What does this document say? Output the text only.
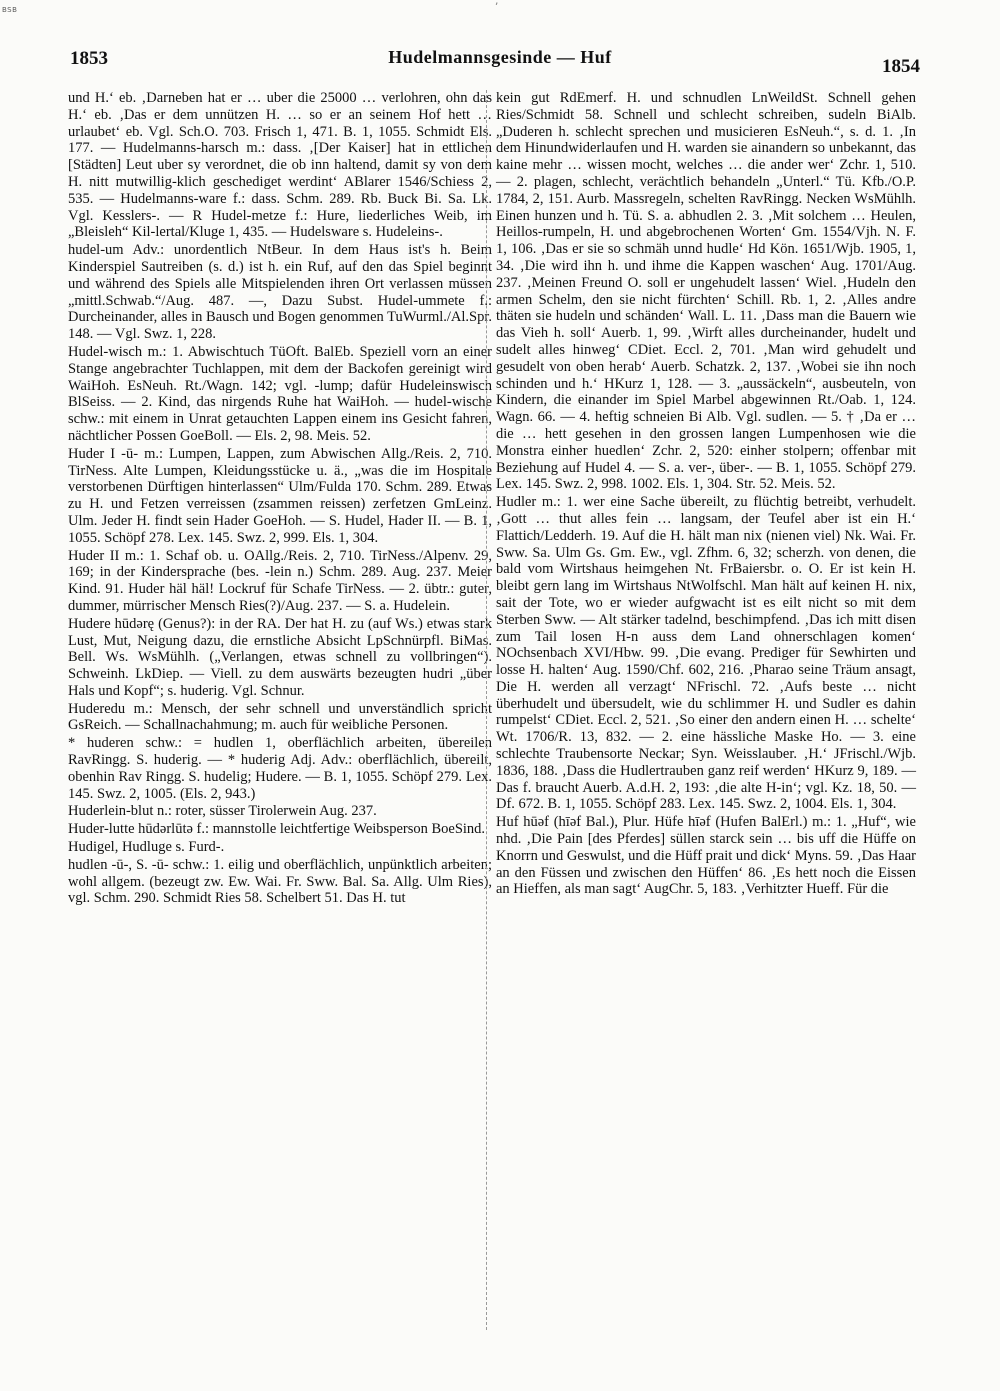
BSB	’
1853	Hudelmannsgesinde — Huf	1854

und H.‘ eb. ‚Darneben hat er … uber die 25000 … verlohren, ohn das H.‘ eb. ‚Das er dem unnützen H. … so er an seinem Hof hett … urlaubet‘ eb. Vgl. Sch.O. 703. Frisch 1, 471. B. 1, 1055. Schmidt Els. 177. — Hudelmanns-harsch m.: dass. ‚[Der Kaiser] hat in ettlichen [Städten] Leut uber sy verordnet, die ob inn haltend, damit sy von dem H. nitt mutwillig-klich geschediget werdint‘ ABlarer 1546/Schiess 2, 535. — Hudelmanns-ware f.: dass. Schm. 289. Rb. Buck Bi. Sa. Lk. Vgl. Kesslers-. — R Hudel-metze f.: Hure, liederliches Weib, im „Bleisleh“ Kil-lertal/Kluge 1, 435. — Hudelsware s. Hudeleins-.

hudel-um Adv.: unordentlich NtBeur. In dem Haus ist's h. Beim Kinderspiel Sautreiben (s. d.) ist h. ein Ruf, auf den das Spiel beginnt und während des Spiels alle Mitspielenden ihren Ort verlassen müssen „mittl.Schwab.“/Aug. 487. —, Dazu Subst. Hudel-ummete f.: Durcheinander, alles in Bausch und Bogen genommen TuWurml./Al.Spr. 148. — Vgl. Swz. 1, 228.

Hudel-wisch m.: 1. Abwischtuch TüOft. BalEb. Speziell vorn an einer Stange angebrachter Tuchlappen, mit dem der Backofen gereinigt wird WaiHoh. EsNeuh. Rt./Wagn. 142; vgl. -lump; dafür Hudeleinswisch BlSeiss. — 2. Kind, das nirgends Ruhe hat WaiHoh. — hudel-wische schw.: mit einem in Unrat getauchten Lappen einem ins Gesicht fahren, nächtlicher Possen GoeBoll. — Els. 2, 98. Meis. 52.

Huder I -ū- m.: Lumpen, Lappen, zum Abwischen Allg./Reis. 2, 710. TirNess. Alte Lumpen, Kleidungsstücke u. ä., „was die im Hospitale verstorbenen Dürftigen hinterlassen“ Ulm/Fulda 170. Schm. 289. Etwas zu H. und Fetzen verreissen (zsammen reissen) zerfetzen GmLeinz. Ulm. Jeder H. findt sein Hader GoeHoh. — S. Hudel, Hader II. — B. 1, 1055. Schöpf 278. Lex. 145. Swz. 2, 999. Els. 1, 304.

Huder II m.: 1. Schaf ob. u. OAllg./Reis. 2, 710. TirNess./Alpenv. 29, 169; in der Kindersprache (bes. -lein n.) Schm. 289. Aug. 237. Meier Kind. 91. Huder häl häl! Lockruf für Schafe TirNess. — 2. übtr.: guter, dummer, mürrischer Mensch Ries(?)/Aug. 237. — S. a. Hudelein.

Hudere hūdǝrę (Genus?): in der RA. Der hat H. zu (auf Ws.) etwas stark Lust, Mut, Neigung dazu, die ernstliche Absicht LpSchnürpfl. BiMas. Bell. Ws. WsMühlh. („Verlangen, etwas schnell zu vollbringen“). Schweinh. LkDiep. — Viell. zu dem auswärts bezeugten hudri „über Hals und Kopf“; s. huderig. Vgl. Schnur.

Huderedu m.: Mensch, der sehr schnell und unverständlich spricht GsReich. — Schallnachahmung; m. auch für weibliche Personen.

* huderen schw.: = hudlen 1, oberflächlich arbeiten, übereilen RavRingg. S. huderig. — * huderig Adj. Adv.: oberflächlich, übereilt, obenhin Rav Ringg. S. hudelig; Hudere. — B. 1, 1055. Schöpf 279. Lex. 145. Swz. 2, 1005. (Els. 2, 943.)

Huderlein-blut n.: roter, süsser Tirolerwein Aug. 237.

Huder-lutte hūdǝrlūtǝ f.: mannstolle leichtfertige Weibsperson BoeSind.

Hudigel, Hudluge s. Furd-.

hudlen -ū-, S. -ū- schw.: 1. eilig und oberflächlich, unpünktlich arbeiten; wohl allgem. (bezeugt zw. Ew. Wai. Fr. Sww. Bal. Sa. Allg. Ulm Ries), vgl. Schm. 290. Schmidt Ries 58. Schelbert 51. Das H. tut

kein gut RdEmerf. H. und schnudlen LnWeildSt. Schnell gehen Ries/Schmidt 58. Schnell und schlecht schreiben, sudeln BiAlb. „Duderen h. schlecht sprechen und musicieren EsNeuh.“, s. d. 1. ‚In dem Hinundwiderlaufen und H. warden sie ainandern so unbekannt, das kaine mehr … wissen mocht, welches … die ander wer‘ Zchr. 1, 510. — 2. plagen, schlecht, verächtlich behandeln „Unterl.“ Tü. Kfb./O.P. 1784, 2, 151. Aurb. Massregeln, schelten RavRingg. Necken WsMühlh. Einen hunzen und h. Tü. S. a. abhudlen 2. 3. ‚Mit solchem … Heulen, Heillos-rumpeln, H. und abgebrochenen Worten‘ Gm. 1554/Vjh. N. F. 1, 106. ‚Das er sie so schmäh unnd hudle‘ Hd Kön. 1651/Wjb. 1905, 1, 34. ‚Die wird ihn h. und ihme die Kappen waschen‘ Aug. 1701/Aug. 237. ‚Meinen Freund O. soll er ungehudelt lassen‘ Wiel. ‚Hudeln den armen Schelm, den sie nicht fürchten‘ Schill. Rb. 1, 2. ‚Alles andre thäten sie hudeln und schänden‘ Wall. L. 11. ‚Dass man die Bauern wie das Vieh h. soll‘ Auerb. 1, 99. ‚Wirft alles durcheinander, hudelt und sudelt alles hinweg‘ CDiet. Eccl. 2, 701. ‚Man wird gehudelt und gesudelt von oben herab‘ Auerb. Schatzk. 2, 137. ‚Wobei sie ihn noch schinden und h.‘ HKurz 1, 128. — 3. „aussäckeln“, ausbeuteln, von Kindern, die einander im Spiel Marbel abgewinnen Rt./Oab. 1, 124. Wagn. 66. — 4. heftig schneien Bi Alb. Vgl. sudlen. — 5. † ‚Da er … die … hett gesehen in den grossen langen Lumpenhosen wie die Monstra einher huedlen‘ Zchr. 2, 520: einher stolpern; offenbar mit Beziehung auf Hudel 4. — S. a. ver-, über-. — B. 1, 1055. Schöpf 279. Lex. 145. Swz. 2, 998. 1002. Els. 1, 304. Str. 52. Meis. 52.

Hudler m.: 1. wer eine Sache übereilt, zu flüchtig betreibt, verhudelt. ‚Gott … thut alles fein … langsam, der Teufel aber ist ein H.‘ Flattich/Ledderh. 19. Auf die H. hält man nix (nienen viel) Nk. Wai. Fr. Sww. Sa. Ulm Gs. Gm. Ew., vgl. Zfhm. 6, 32; scherzh. von denen, die bald vom Wirtshaus heimgehen Nt. FrBaiersbr. o. O. Er ist kein H. bleibt gern lang im Wirtshaus NtWolfschl. Man hält auf keinen H. nix, sait der Tote, wo er wieder aufgwacht ist es eilt nicht so mit dem Sterben Sww. — Alt stärker tadelnd, beschimpfend. ‚Das ich mitt disen zum Tail losen H-n auss dem Land ohnerschlagen komen‘ NOchsenbach XVI/Hbw. 99. ‚Die evang. Prediger für Sewhirten und losse H. halten‘ Aug. 1590/Chf. 602, 216. ‚Pharao seine Träum ansagt, Die H. werden all verzagt‘ NFrischl. 72. ‚Aufs beste … nicht überhudelt und übersudelt, wie du schlimmer H. und Sudler es dahin rumpelst‘ CDiet. Eccl. 2, 521. ‚So einer den andern einen H. … schelte‘ Wt. 1706/R. 13, 832. — 2. eine hässliche Maske Ho. — 3. eine schlechte Traubensorte Neckar; Syn. Weisslauber. ‚H.‘ JFrischl./Wjb. 1836, 188. ‚Dass die Hudlertrauben ganz reif werden‘ HKurz 9, 189. — Das f. braucht Auerb. A.d.H. 2, 193: ‚die alte H-in‘; vgl. Kz. 18, 50. — Df. 672. B. 1, 1055. Schöpf 283. Lex. 145. Swz. 2, 1004. Els. 1, 304.

Huf hūəf (hīəf Bal.), Plur. Hüfe hīəf (Hufen BalErl.) m.: 1. „Huf“, wie nhd. ‚Die Pain [des Pferdes] süllen starck sein … bis uff die Hüffe on Knorrn und Geswulst, und die Hüff prait und dick‘ Myns. 59. ‚Das Haar an den Füssen und zwischen den Hüffen‘ 86. ‚Es hett noch die Eissen an Hieffen, als man sagt‘ AugChr. 5, 183. ‚Verhitzter Hueff. Für die
